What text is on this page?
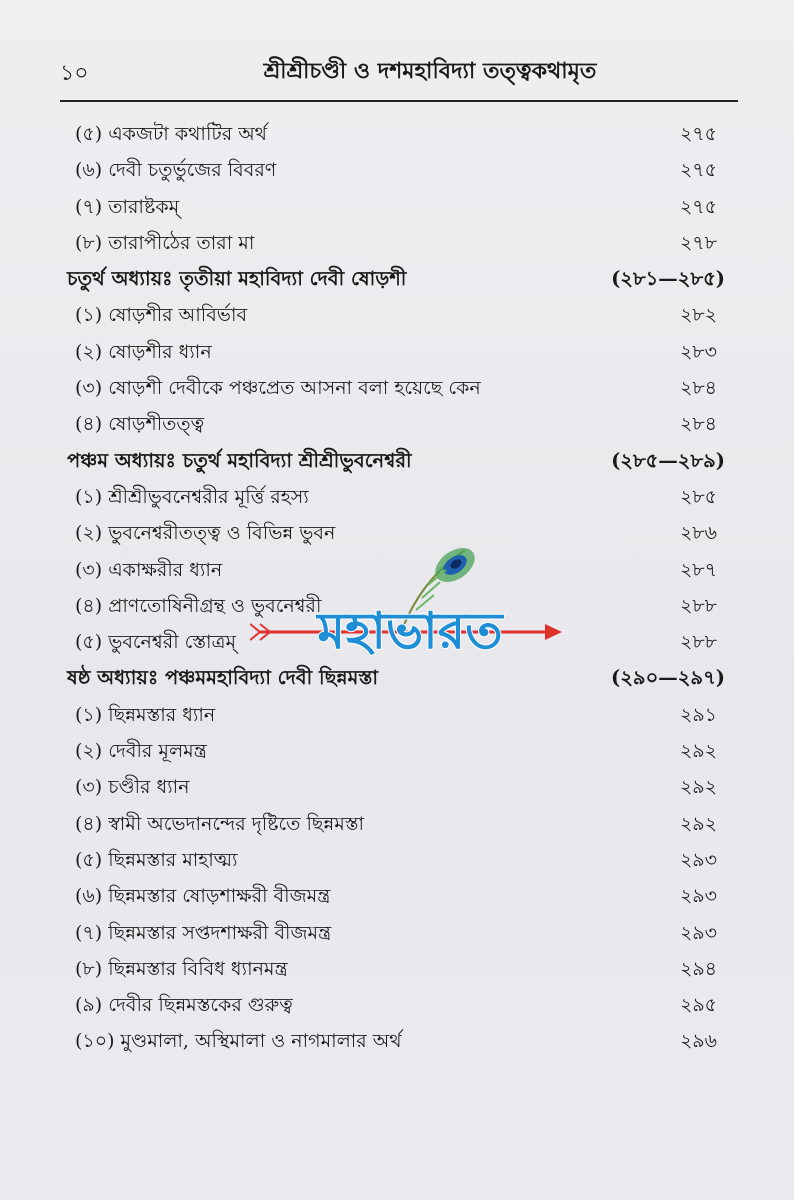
১০	শ্রীশ্রীচণ্ডী ও দশমহাবিদ্যা তত্ত্বকথামৃত
(৫) একজটা কথাটির অর্থ	২৭৫
(৬) দেবী চতুর্ভুজের বিবরণ	২৭৫
(৭) তারাষ্টকম্	২৭৫
(৮) তারাপীঠের তারা মা	২৭৮
চতুর্থ অধ্যায়ঃ তৃতীয়া মহাবিদ্যা দেবী ষোড়শী	(২৮১—২৮৫)
(১) ষোড়শীর আবির্ভাব	২৮২
(২) ষোড়শীর ধ্যান	২৮৩
(৩) ষোড়শী দেবীকে পঞ্চপ্রেত আসনা বলা হয়েছে কেন	২৮৪
(৪) ষোড়শীতত্ত্ব	২৮৪
পঞ্চম অধ্যায়ঃ চতুর্থ মহাবিদ্যা শ্রীশ্রীভুবনেশ্বরী	(২৮৫—২৮৯)
(১) শ্রীশ্রীভুবনেশ্বরীর মূর্ত্তি রহস্য	২৮৫
(২) ভুবনেশ্বরীতত্ত্ব ও বিভিন্ন ভুবন	২৮৬
(৩) একাক্ষরীর ধ্যান	২৮৭
(৪) প্রাণতোষিনীগ্রন্থ ও ভুবনেশ্বরী	২৮৮
(৫) ভুবনেশ্বরী স্তোত্রম্	২৮৮
ষষ্ঠ অধ্যায়ঃ পঞ্চমমহাবিদ্যা দেবী ছিন্নমস্তা	(২৯০—২৯৭)
(১) ছিন্নমস্তার ধ্যান	২৯১
(২) দেবীর মূলমন্ত্র	২৯২
(৩) চণ্ডীর ধ্যান	২৯২
(৪) স্বামী অভেদানন্দের দৃষ্টিতে ছিন্নমস্তা	২৯২
(৫) ছিন্নমস্তার মাহাত্ম্য	২৯৩
(৬) ছিন্নমস্তার ষোড়শাক্ষরী বীজমন্ত্র	২৯৩
(৭) ছিন্নমস্তার সপ্তদশাক্ষরী বীজমন্ত্র	২৯৩
(৮) ছিন্নমস্তার বিবিধ ধ্যানমন্ত্র	২৯৪
(৯) দেবীর ছিন্নমস্তকের গুরুত্ব	২৯৫
(১০) মুণ্ডমালা, অস্থিমালা ও নাগমালার অর্থ	২৯৬
মহাভারত
